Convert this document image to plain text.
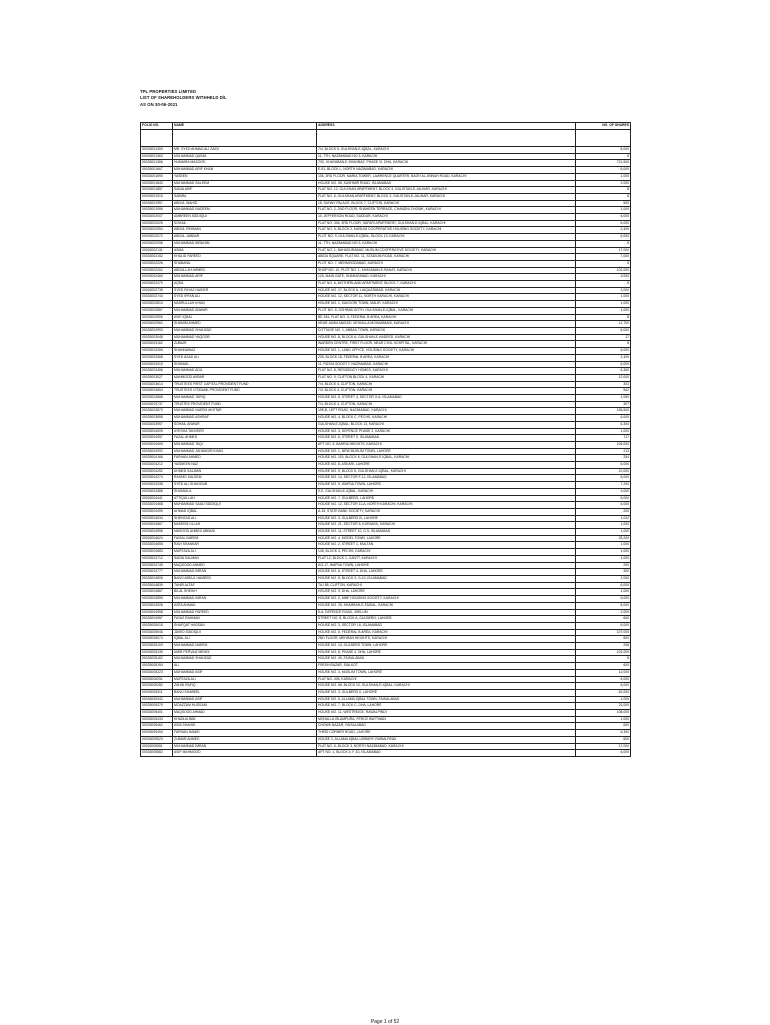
TPL PROPERTIES LIMITED
LIST OF SHAREHOLDERS WITHHELD D/L
AS ON 30-06-2021
FOLIO NO.	NAME	ADDRESS	NO. OF SHARES

00033001300	MR. SYED AHMAD ALI ZAIDI	7/4, BLOCK 5, GULSHAN-E-IQBAL, KARACHI	6,000
00033001363	MUHAMMAD QASIM	11, 7TH, NAZIMABAD NO 3, KARACHI	8
00033001366	HUMAIRA MASOOD	7/IC, KHAYABAN-E-SHAHBAZ, PHASE VI, DHA, KARACHI	721,500
00033001667	MUHAMMAD ARIF KHAN	E-51, BLOCK L, NORTH NAZIMABAD, KARACHI	6,000
00033001690	YASEEN	106, 3RD FLOOR, MARIA TOWER, LAWRENCE QUARTER, BAGH AL JINNAH ROAD, KARACHI	1,000
00033001843	MUHAMMAD SALEEM	HOUSE NO. 58, KASHMIR ROAD, ISLAMABAD	2,000
00033001857	SADIA ARIF	FLAT NO. 12, GULSHAN APARTMENT, BLOCK 3, GULISTAN-E-JAUHAR, KARACHI	8
00033001915	SABIRA	FLAT NO. 6, GULSHAN APARTMENT, BLOCK 3, GULISTAN-E-JAUHAR, KARACHI	8
00033001957	ABDUL WAHID	18, SUNNY PALACE, BLOCK 7, CLIFTON, KARACHI	500
00033001996	MUHAMMAD NADEEM	FLAT NO. 2, 2ND FLOOR, SHAHEEN TERRACE, CHANDNI CHOWK, KARACHI	1,000
00033002007	AMBREEN SIDDIQUI	10, JEFFERSON ROAD, SADDAR, KARACHI	6,000
00033002025	SOHAIL	FLAT NO. 306, 3RD FLOOR, SAFARI APARTMENT, GULSHAN-E-IQBAL, KARACHI	6,000
00033002054	ABDUL REHMAN	FLAT NO. 5, BLOCK 2, MUSLIM COOPERATIVE HOUSING SOCIETY, KARACHI	2,400
00033002072	ABDUL JABBAR	PLOT NO. 9, GULSHAN-E-IQBAL, BLOCK 13, KARACHI	6,000
00033002096	MUHAMMAD IBRAHIM	11, 7TH, NAZIMABAD NO 3, KARACHI	8
00033002131	ASMA	FLAT NO. 1, BAHADURABAD, MUSLIM COOPERATIVE SOCIETY, KARACHI	17,000
00033002152	KHALID FAREED	ABIDA SQUARE, FLAT NO. 11, STADIUM ROAD, KARACHI	7,000
00033002226	SHABANA	PLOT NO. 7, MEHMOODABAD, KARACHI	8
00033002262	ABDULLAH AHMED	SHOP NO. 10, PLOT NO. 1, KHAYABAN-E-RAHAT, KARACHI	102,000
00033002460	MUHAMMAD ARIF	125, MAIN GATE, SHARAFABAD, KARACHI	3,000
00033002470	AQSA	FLAT NO. 6, MOTHERLAND APARTMENT, BLOCK 7, KARACHI	8
00033002735	SYED FAYAZ HAIDER	HOUSE NO. 17, BLOCK A, LIAQUATABAD, KARACHI	1,000
00033002744	SYED IRFAN ALI	HOUSE NO. 12, SECTOR 11, NORTH KARACHI, KARACHI	1,000
00033002810	NASRULLAH KHAN	HOUSE NO. 1, KAKOORI TOWN, MALIR, KARACHI	1,000
00033002857	MUHAMMAD ANWAR	PLOT NO. 5, SOHRAB GOTH, GULSHAN-E-IQBAL, KARACHI	1,000
00033002906	ASIF IQBAL	BE 154, FLAT NO. 3, FEDERAL B AREA, KARACHI	8
00033002962	SHAMIM AHMED	NEAR JAMIA MASJID, MOHALLA MOHAMMADI, KARACHI	11,700
00033002993	MUHAMMAD SHAHZAD	COTTAGE NO. 1, ABBAS TOWN, KARACHI	6,000
00033003048	MUHAMMAD YAQOOB	HOUSE NO. 8, BLOCK A, GULSHAN-E-HADEED, KARACHI	17
00033003162	ZUBAIR	WARDEN CENTRE, FIRST FLOOR, NEAR CIVIL HOSPITAL, KARACHI	8
00033003265	SHAHNAWAZ	HOUSE NO. 1, LAND OFFICE, HOUSING SOCIETY, KARACHI	6,000
00033003368	SYED ASAD ALI	226, BLOCK 18, FEDERAL B AREA, KARACHI	2,400
00033003419	SHUMAIL	11, RIZVIA SOCIETY, NAZIMABAD, KARACHI	6,000
00033003456	MUHAMMAD ADIL	FLAT NO. 8, RESIDENCY HOMES, KARACHI	6,300
00033003527	MAHMOOD AKBAR	FLAT NO. 9, CLIFTON BLOCK 4, KARACHI	12,000
00033003614	TRUSTEES FIRST CAPITAL PROVIDENT FUND	7/4, BLOCK 4, CLIFTON, KARACHI	303
00033003654	TRUSTEES CITIBANK PROVIDENT FUND	7/4, BLOCK 4, CLIFTON, KARACHI	502
00033003688	MUHAMMAD TARIQ	HOUSE NO. 5, STREET 4, SECTOR G-6, ISLAMABAD	1,050
00033003737	TRUSTEE PROVIDENT FUND	7/4, BLOCK 4, CLIFTON, KARACHI	307
00033003873	MUHAMMAD NAEEM AKHTAR	195-B, LEFT ROAD, NAZIMABAD, KARACHI	155,500
00033003898	MUHAMMAD ASHRAF	HOUSE NO. 4, BLOCK C, PECHS, KARACHI	6,000
00033003957	SOHAIL ANWAR	GULSHAN-E-IQBAL, BLOCK 13, KARACHI	6,300
00033004009	AYESHA TANVEER	HOUSE NO. 3, DEFENCE PHASE 2, KARACHI	1,000
00033004057	FAZAL AHMED	HOUSE NO. 5, STREET 9, ISLAMABAD	717
00033004069	MUHAMMAD TAQI	APT NO. 5, BAHRIA HEIGHTS, KARACHI	105,000
00033004092	MUHAMMAD JAHANGIR KHAN	HOUSE NO. 1, NEW MUSLIM TOWN, LAHORE	213
00033004166	FARHAN AHMED	HOUSE NO. 119, BLOCK 6, GULSHAN-E-IQBAL, KARACHI	254
00033004212	YASMEEN NAZ	HOUSE NO. 8, ASKARI, LAHORE	6,000
00033004252	AHMED SALMAN	HOUSE NO. 9, BLOCK 5, GULSHAN-E-IQBAL, KARACHI	10,000
00033004274	RASHID SALEEM	HOUSE NO. 14, SECTOR F-11, ISLAMABAD	6,000
00033004338	SYED ALI SHAHZAIB	HOUSE NO. 5, WAPDA TOWN, LAHORE	7,200
00033004388	SHUMAILA	9-E, GULSHAN-E-IQBAL, KARACHI	3,000
00033004441	ATTIQULLAH	HOUSE NO. 7, GULBERG, LAHORE	6,000
00033004468	MUHAMMAD SAAD SIDDIQUI	HOUSE NO. 12, SECTOR 11-A, NORTH KARACHI, KARACHI	6,000
00033004499	AHMAD IQBAL	A-15, STATE BANK SOCIETY, KARACHI	200
00033004534	SHEHZAD ALI	HOUSE NO. 3, GULBERG III, LAHORE	1,022
00033004567	NASEEM ULLAH	HOUSE NO. 21, SECTOR 5, KORANGI, KARACHI	1,000
00033004596	MASOOD AHMED ABBASI	HOUSE NO. 11, STREET 10, G-9, ISLAMABAD	1,000
00033004624	FAISAL NAEEM	HOUSE NO. 4, MODEL TOWN, LAHORE	25,200
00033004655	RAVI SHANKAR	HOUSE NO. 2, STREET 1, MULTAN	1,000
00033004683	MURTAZA ALI	146, BLOCK 3, PECHS, KARACHI	1,000
00033004712	SADIA SALMAN	FLAT 12, BLOCK 1, CANTT, KARACHI	1,000
00033004745	MAQSOOD AHMED	A/3-17, WAPDA TOWN, LAHORE	200
00033004777	MUHAMMAD IMRAN	HOUSE NO. 6, STREET 4, DHA, LAHORE	300
00033004806	BANO ABDUL HAMEED	HOUSE NO. 5, BLOCK 3, G-10, ISLAMABAD	1,000
00033004839	TAHIR ALTAF	TAJ 58, CLIFTON, KARACHI	6,000
00033004867	BILAL SHEIKH	HOUSE NO. 9, DHA, LAHORE	1,000
00033004895	MUHAMMAD IMRAN	HOUSE NO. 2, MMF HOUSING SOCIETY, KARACHI	6,000
00033004926	ASFA AHMAD	HOUSE NO. 25, SHAHRAH-E-FAISAL, KARACHI	6,000
00033004958	MUHAMMAD FAREED	9-A, DEFENCE ROAD, JHELUM	2,000
00033004987	FAYAZ RAHMAN	STREET NO. 8, BLOCK A, GULBERG, LAHORE	600
00033005015	SHAFQAT HASSAN	HOUSE NO. 3, SECTOR I-8, ISLAMABAD	6,000
00033005046	JAVED SIDDIQUI	HOUSE NO. 6, FEDERAL B AREA, KARACHI	107,000
00033005074	IQBAL ALI	2ND FLOOR, MEHRAN HEIGHTS, KARACHI	600
00033005103	MUHAMMAD NAEEM	HOUSE NO. 10, GULBERG TOWN, LAHORE	208
00033005135	AMIR PERVAIZ MEHDI	HOUSE NO. 8, PHASE 4, DHA, LAHORE	102,000
00033005162	MUHAMMAD SHAHZAD	HOUSE NO. 40, FAISALABAD	8
00033005194	ALI	FRESH BAZAR, SIALKOT	600
00033005223	MUHAMMAD ASIF	HOUSE NO. 3, MUSLIM TOWN, LAHORE	12,000
00033005251	MURTAZA ALI	FLAT NO. 406, KARACHI	6,000
00033005282	ZAHID RAFIQ	HOUSE NO. 68, BLOCK 10, GULSHAN-E-IQBAL, KARACHI	6,000
00033005311	BANO SHABEEL	HOUSE NO. 3, GULBERG II, LAHORE	62,000
00033005342	MUHAMMAD ASIF	HOUSE NO. 5, ALLAMA IQBAL TOWN, FAISALABAD	1,000
00033005370	MOAZZAM HUSSAIN	HOUSE NO. 7, BLOCK C, DHA, LAHORE	21,000
00033005401	MAQSOOD AHMAD	HOUSE NO. 11, WESTRIDGE, RAWALPINDI	108,000
00033005433	KHADIJA BIBI	MOHALLA ISLAMPURA, FEROZ WATTWAN	1,000
00033005462	ASIA SHAHID	CHOWK BAZAR, FAISALABAD	600
00033005494	FARHAN HAMID	THIRD CORNER ROAD, LAHORE	6,300
00033005523	ZUBAIR AHMED	HOUSE 2, ALLAMA IQBAL LIBRARY, RAWALPINDI	600
00033005551	MUHAMMAD IMRAN	FLAT NO. 6, BLOCK 3, NORTH NAZIMABAD, KARACHI	17,000
00033005582	ASIF MAHMOOD	APT NO. 1, BLOCK 4, F-10, ISLAMABAD	6,000
Page 1 of 52
